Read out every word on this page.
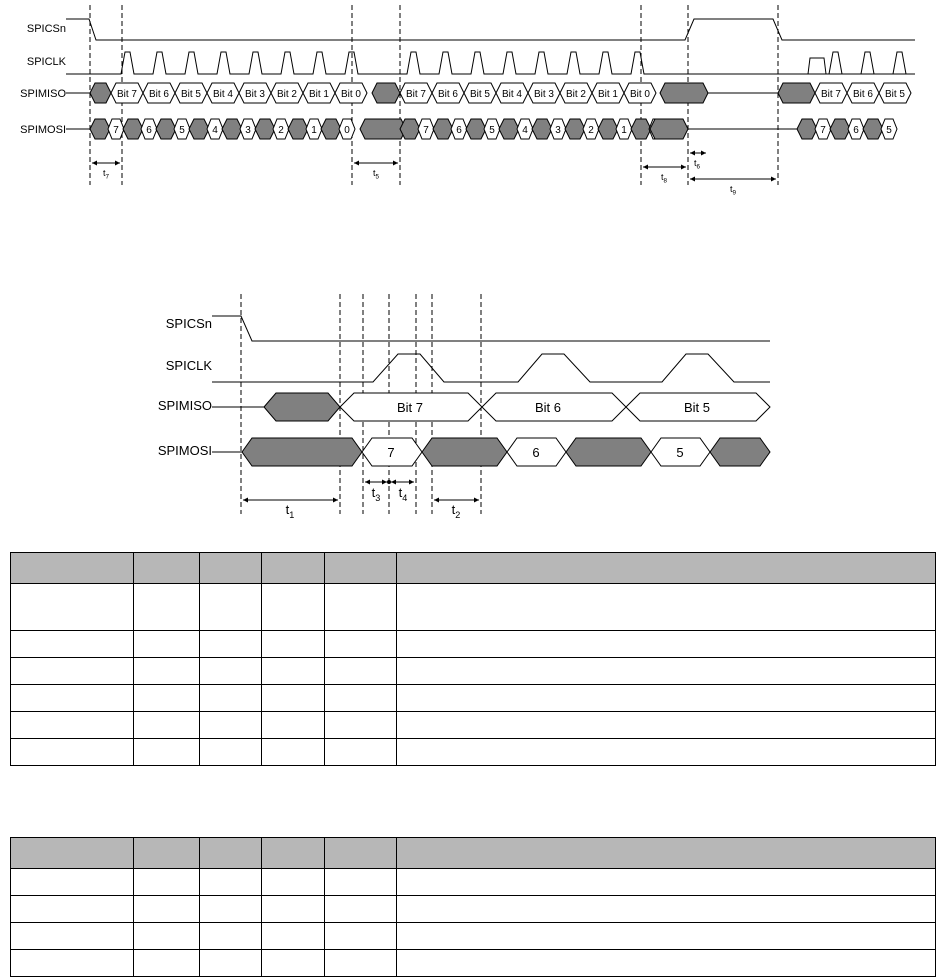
SPICSn
SPICLK
SPIMISO
SPIMOSI
Bit 7 Bit 6 Bit 5 Bit 4 Bit 3 Bit 2 Bit 1 Bit 0	Bit 7 Bit 6 Bit 5 Bit 4 Bit 3 Bit 2 Bit 1 Bit 0	Bit 7 Bit 6 Bit 5
7	6	5	4	3	2	1	0	7	6	5	4	3	2	1	7	6	5
$t_7$	$t_5$	$t_8$
$t_6$
$t_9$
SPICSn
SPICLK
SPIMISO
SPIMOSI
Bit 7	Bit 6	Bit 5
7	6	5
$t_1$
$t_3$ $t_4$
$t_2$
